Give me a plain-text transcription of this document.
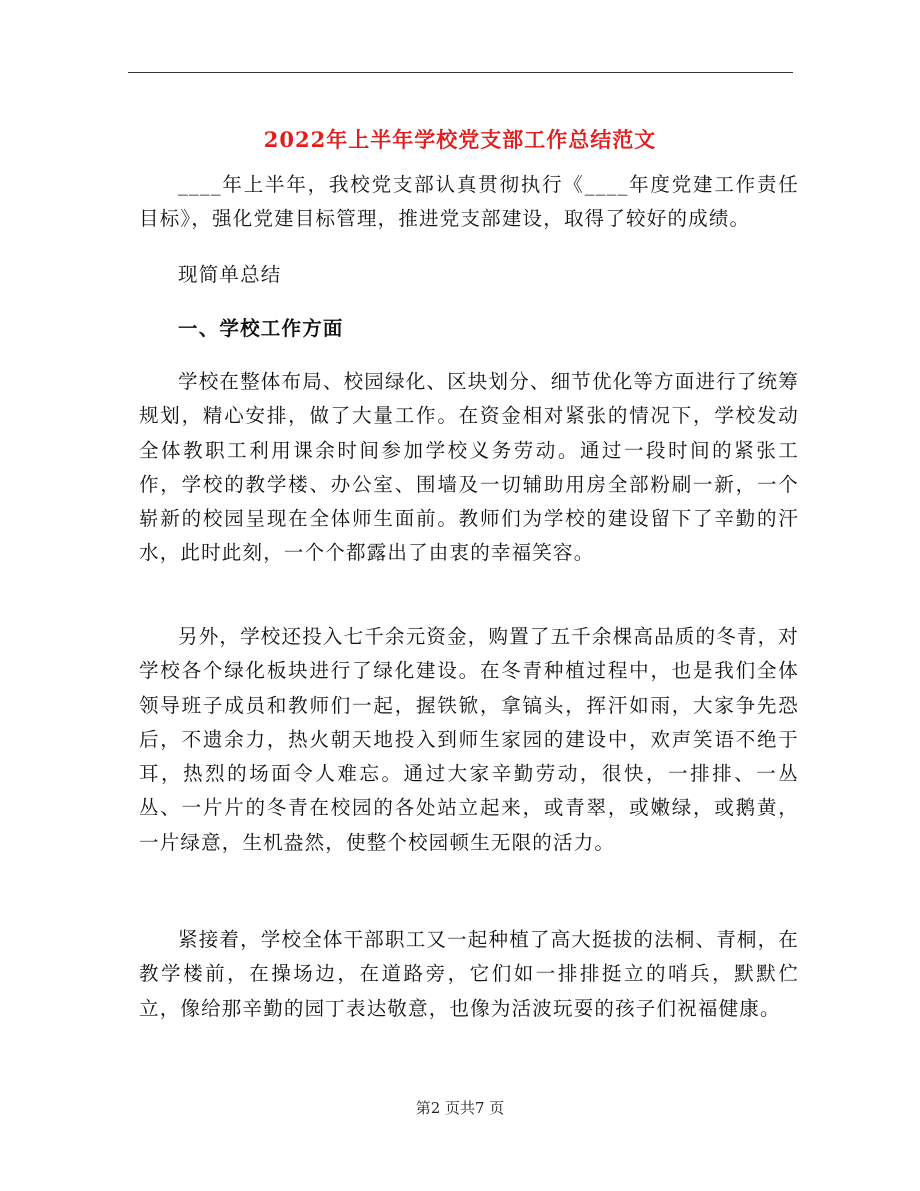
2022年上半年学校党支部工作总结范文

____年上半年，我校党支部认真贯彻执行《____年度党建工作责任目标》，强化党建目标管理，推进党支部建设，取得了较好的成绩。

现简单总结

一、学校工作方面

学校在整体布局、校园绿化、区块划分、细节优化等方面进行了统筹规划，精心安排，做了大量工作。在资金相对紧张的情况下，学校发动全体教职工利用课余时间参加学校义务劳动。通过一段时间的紧张工作，学校的教学楼、办公室、围墙及一切辅助用房全部粉刷一新，一个崭新的校园呈现在全体师生面前。教师们为学校的建设留下了辛勤的汗水，此时此刻，一个个都露出了由衷的幸福笑容。

另外，学校还投入七千余元资金，购置了五千余棵高品质的冬青，对学校各个绿化板块进行了绿化建设。在冬青种植过程中，也是我们全体领导班子成员和教师们一起，握铁锨，拿镐头，挥汗如雨，大家争先恐后，不遗余力，热火朝天地投入到师生家园的建设中，欢声笑语不绝于耳，热烈的场面令人难忘。通过大家辛勤劳动，很快，一排排、一丛丛、一片片的冬青在校园的各处站立起来，或青翠，或嫩绿，或鹅黄，一片绿意，生机盎然，使整个校园顿生无限的活力。

紧接着，学校全体干部职工又一起种植了高大挺拔的法桐、青桐，在教学楼前，在操场边，在道路旁，它们如一排排挺立的哨兵，默默伫立，像给那辛勤的园丁表达敬意，也像为活波玩耍的孩子们祝福健康。

第2 页共7 页
